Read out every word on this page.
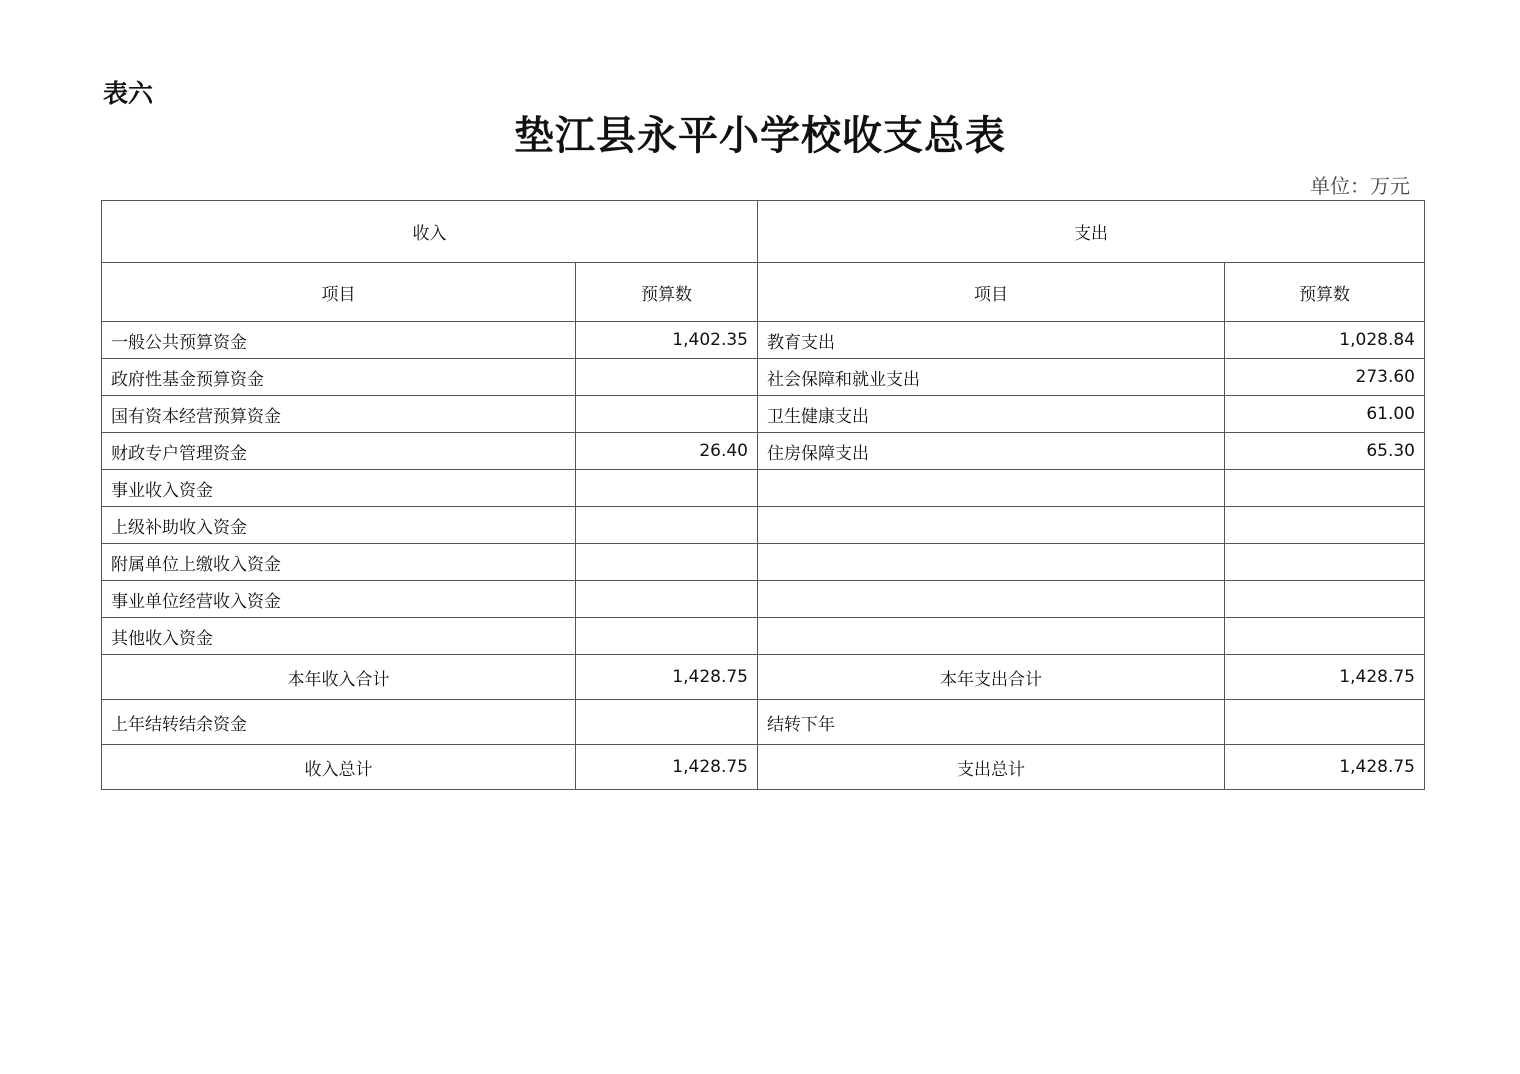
表六
垫江县永平小学校收支总表
单位：万元
收入		支出	
项目	预算数	项目	预算数
一般公共预算资金	1,402.35	教育支出	1,028.84
政府性基金预算资金		社会保障和就业支出	273.60
国有资本经营预算资金		卫生健康支出	61.00
财政专户管理资金	26.40	住房保障支出	65.30
事业收入资金			
上级补助收入资金			
附属单位上缴收入资金			
事业单位经营收入资金			
其他收入资金			
本年收入合计	1,428.75	本年支出合计	1,428.75
上年结转结余资金		结转下年	
收入总计	1,428.75	支出总计	1,428.75
